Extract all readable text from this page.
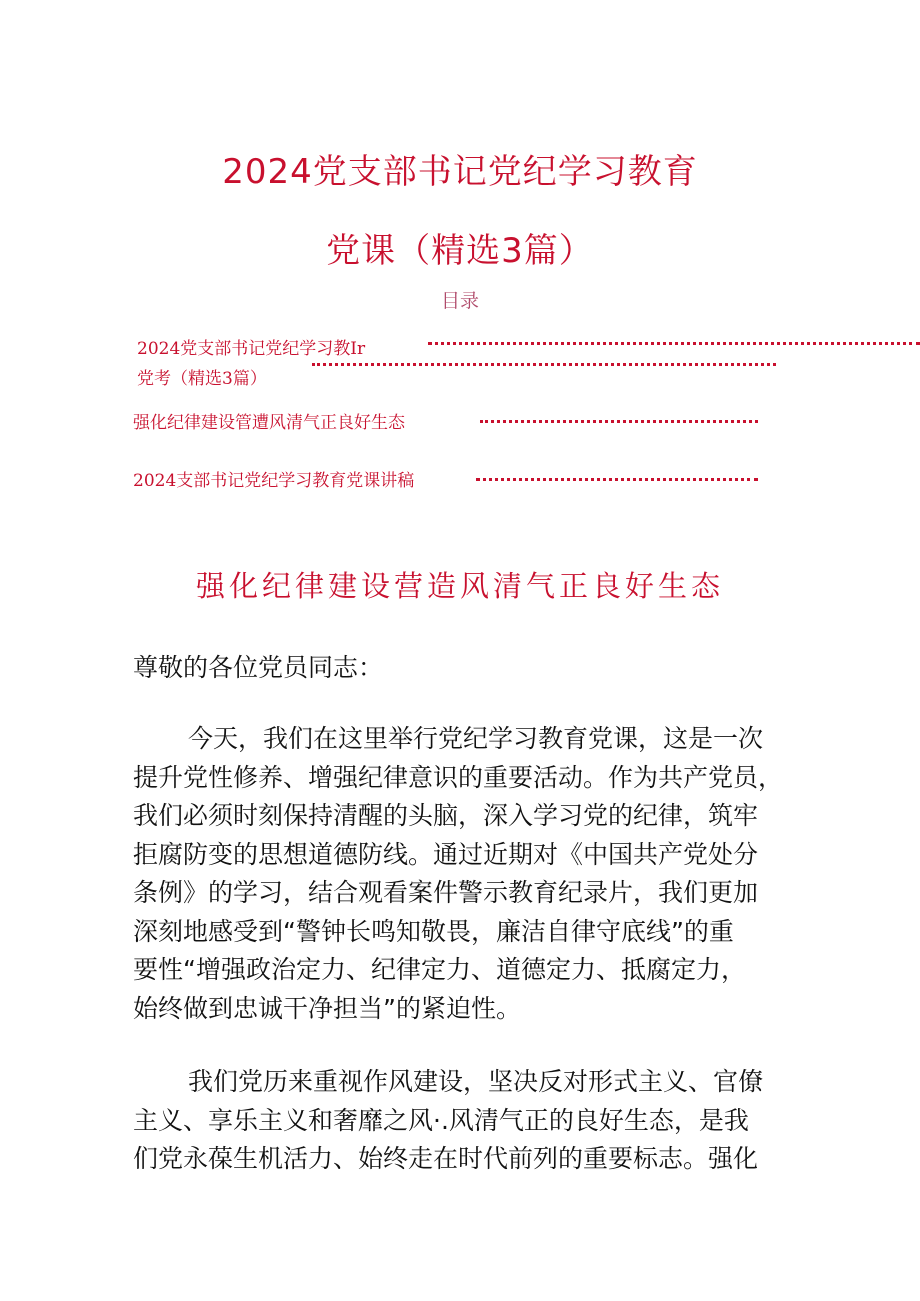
2024党支部书记党纪学习教育
党课（精选3篇）
目录
2024党支部书记党纪学习教Ir
党考（精选3篇）
强化纪律建设管遭风清气正良好生态
2024支部书记党纪学习教育党课讲稿
强化纪律建设营造风清气正良好生态
尊敬的各位党员同志：
今天，我们在这里举行党纪学习教育党课，这是一次
提升党性修养、增强纪律意识的重要活动。作为共产党员，
我们必须时刻保持清醒的头脑，深入学习党的纪律，筑牢
拒腐防变的思想道德防线。通过近期对《中国共产党处分
条例》的学习，结合观看案件警示教育纪录片，我们更加
深刻地感受到“警钟长鸣知敬畏，廉洁自律守底线”的重
要性“增强政治定力、纪律定力、道德定力、抵腐定力，
始终做到忠诚干净担当”的紧迫性。
我们党历来重视作风建设，坚决反对形式主义、官僚
主义、享乐主义和奢靡之风·.风清气正的良好生态，是我
们党永葆生机活力、始终走在时代前列的重要标志。强化
